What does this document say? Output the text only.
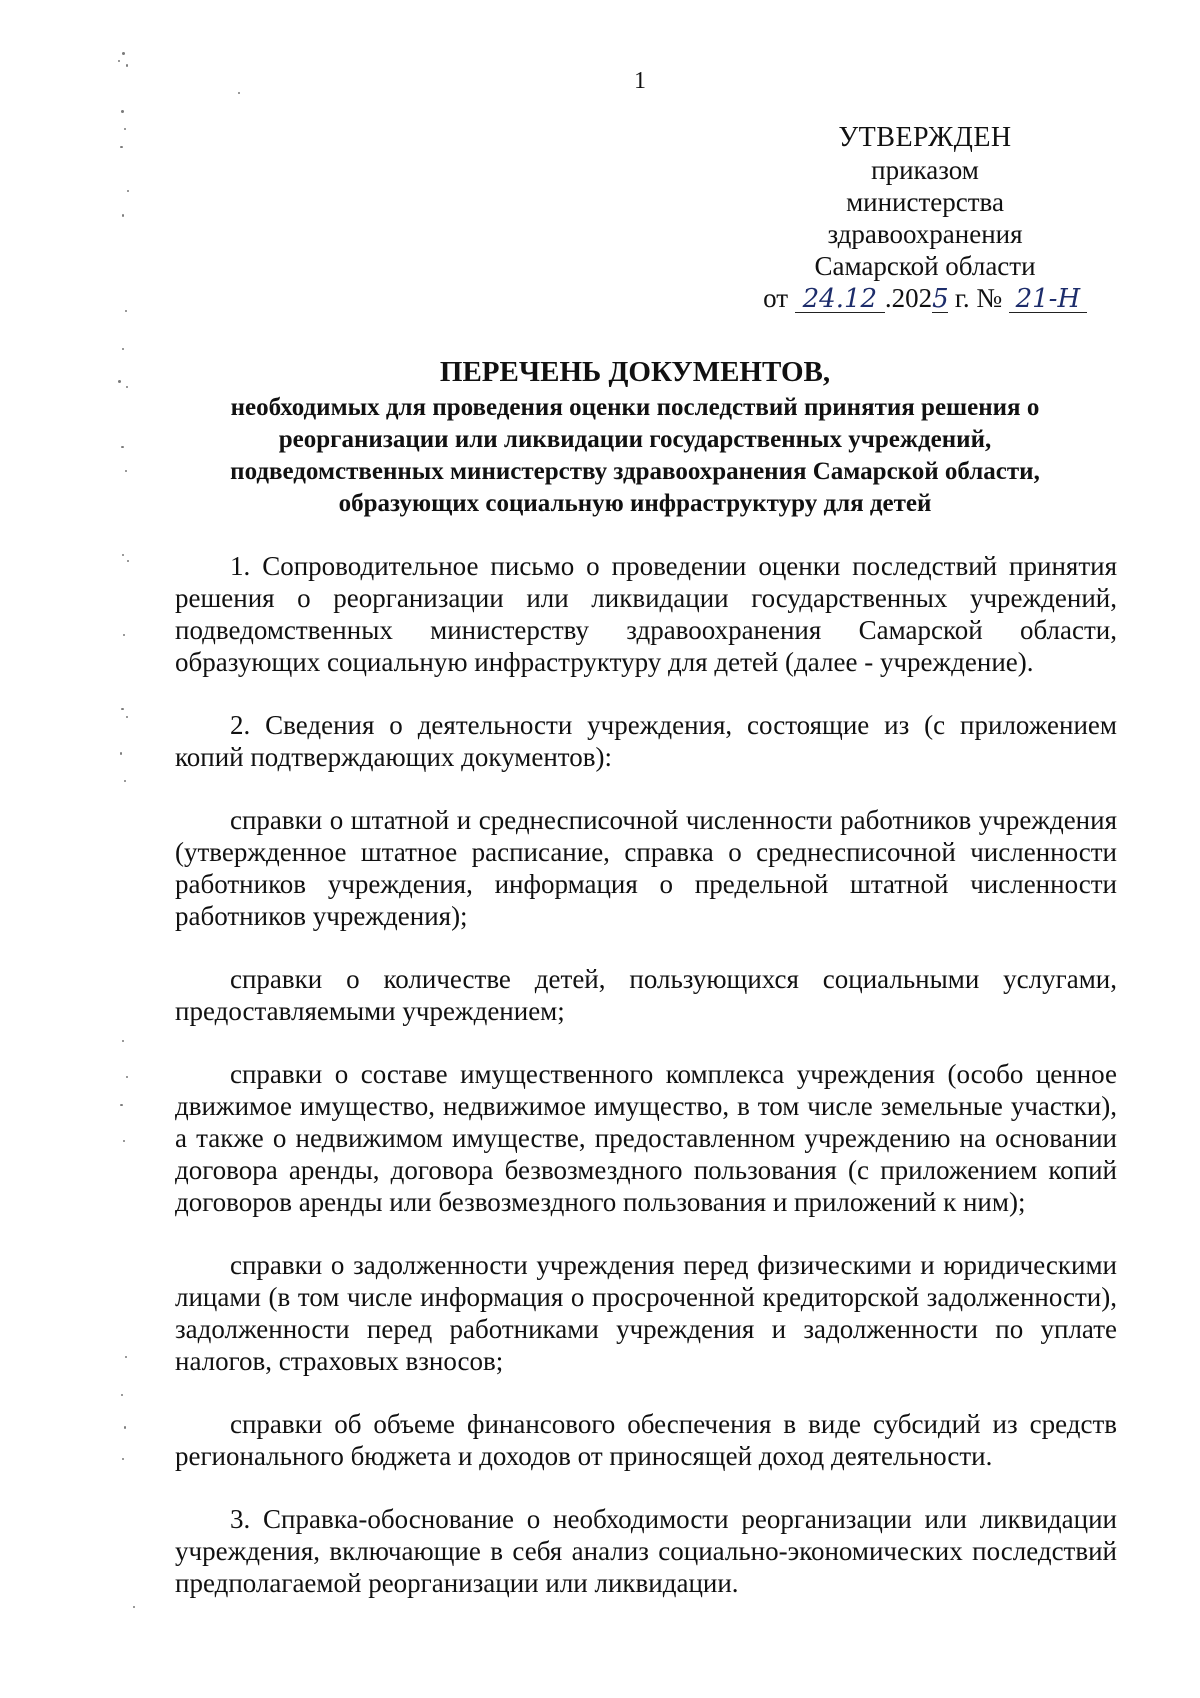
1
УТВЕРЖДЕН
приказом
министерства
здравоохранения
Самарской области
от 24.12 .2025 г. № 21-Н
ПЕРЕЧЕНЬ ДОКУМЕНТОВ,
необходимых для проведения оценки последствий принятия решения о
реорганизации или ликвидации государственных учреждений,
подведомственных министерству здравоохранения Самарской области,
образующих социальную инфраструктуру для детей

1. Сопроводительное письмо о проведении оценки последствий принятия решения о реорганизации или ликвидации государственных учреждений, подведомственных министерству здравоохранения Самарской области, образующих социальную инфраструктуру для детей (далее - учреждение).

2. Сведения о деятельности учреждения, состоящие из (с приложением копий подтверждающих документов):

справки о штатной и среднесписочной численности работников учреждения (утвержденное штатное расписание, справка о среднесписочной численности работников учреждения, информация о предельной штатной численности работников учреждения);

справки о количестве детей, пользующихся социальными услугами, предоставляемыми учреждением;

справки о составе имущественного комплекса учреждения (особо ценное движимое имущество, недвижимое имущество, в том числе земельные участки), а также о недвижимом имуществе, предоставленном учреждению на основании договора аренды, договора безвозмездного пользования (с приложением копий договоров аренды или безвозмездного пользования и приложений к ним);

справки о задолженности учреждения перед физическими и юридическими лицами (в том числе информация о просроченной кредиторской задолженности), задолженности перед работниками учреждения и задолженности по уплате налогов, страховых взносов;

справки об объеме финансового обеспечения в виде субсидий из средств регионального бюджета и доходов от приносящей доход деятельности.

3. Справка-обоснование о необходимости реорганизации или ликвидации учреждения, включающие в себя анализ социально-экономических последствий предполагаемой реорганизации или ликвидации.
